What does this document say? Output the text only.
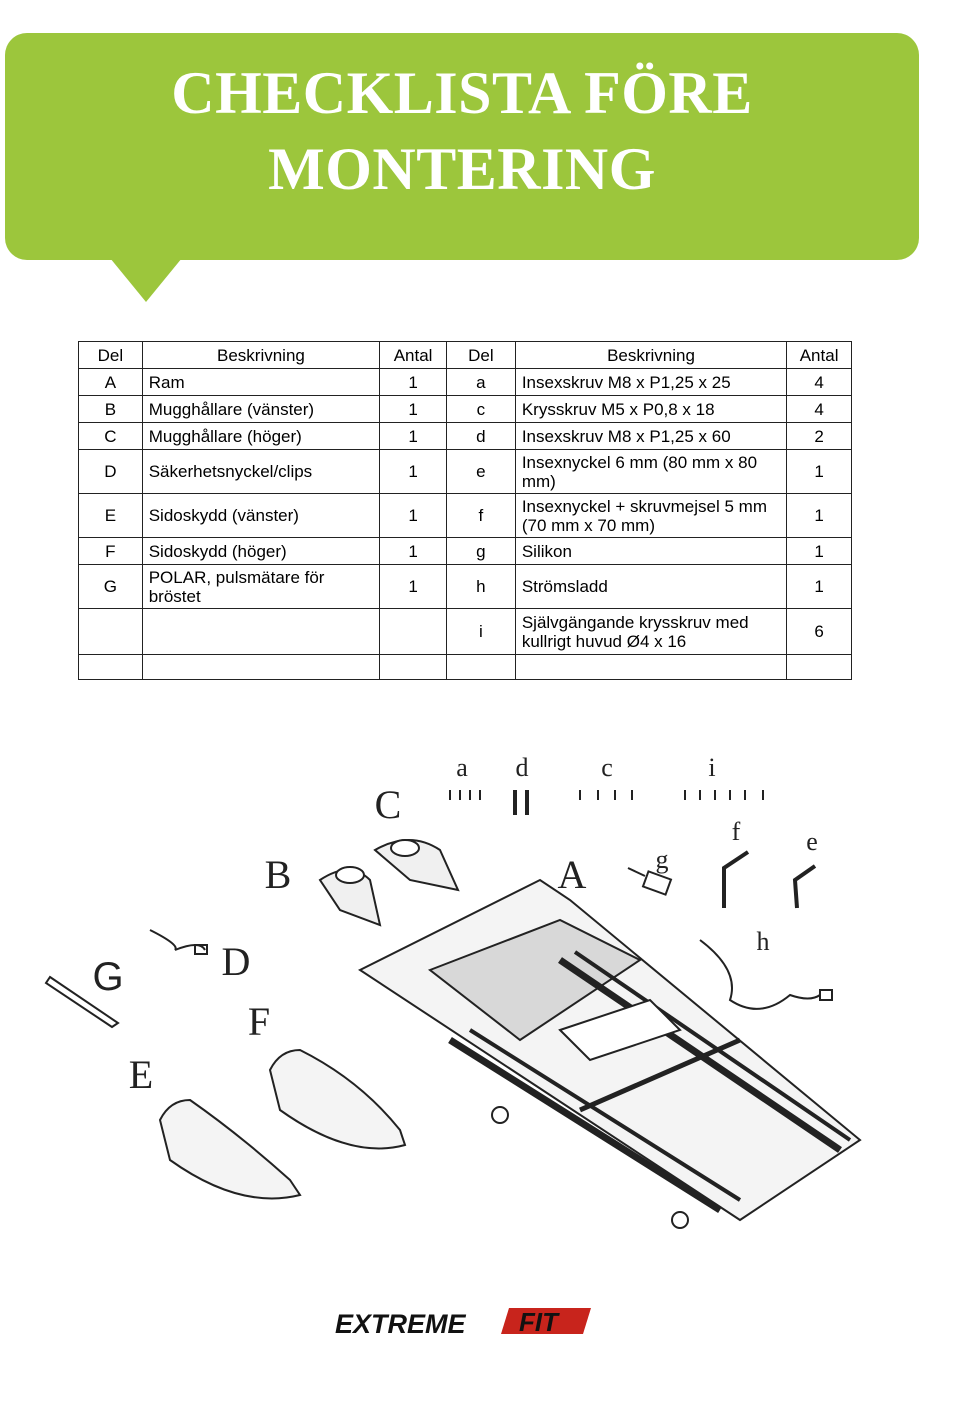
CHECKLISTA FÖRE
MONTERING
Del	Beskrivning	Antal	Del	Beskrivning	Antal
A	Ram	1	a	Insexskruv M8 x P1,25 x 25	4
B	Mugghållare (vänster)	1	c	Krysskruv M5 x P0,8 x 18	4
C	Mugghållare (höger)	1	d	Insexskruv M8 x P1,25 x 60	2
D	Säkerhetsnyckel/clips	1	e	Insexnyckel 6 mm (80 mm x 80 mm)	1
E	Sidoskydd (vänster)	1	f	Insexnyckel + skruvmejsel 5 mm (70 mm x 70 mm)	1
F	Sidoskydd (höger)	1	g	Silikon	1
G	POLAR, pulsmätare för bröstet	1	h	Strömsladd	1
			i	Självgängande krysskruv med kullrigt huvud Ø4 x 16	6

a d	c	i
C
f	e
B	A	g
h
G D
F
E
EXTREME FIT
